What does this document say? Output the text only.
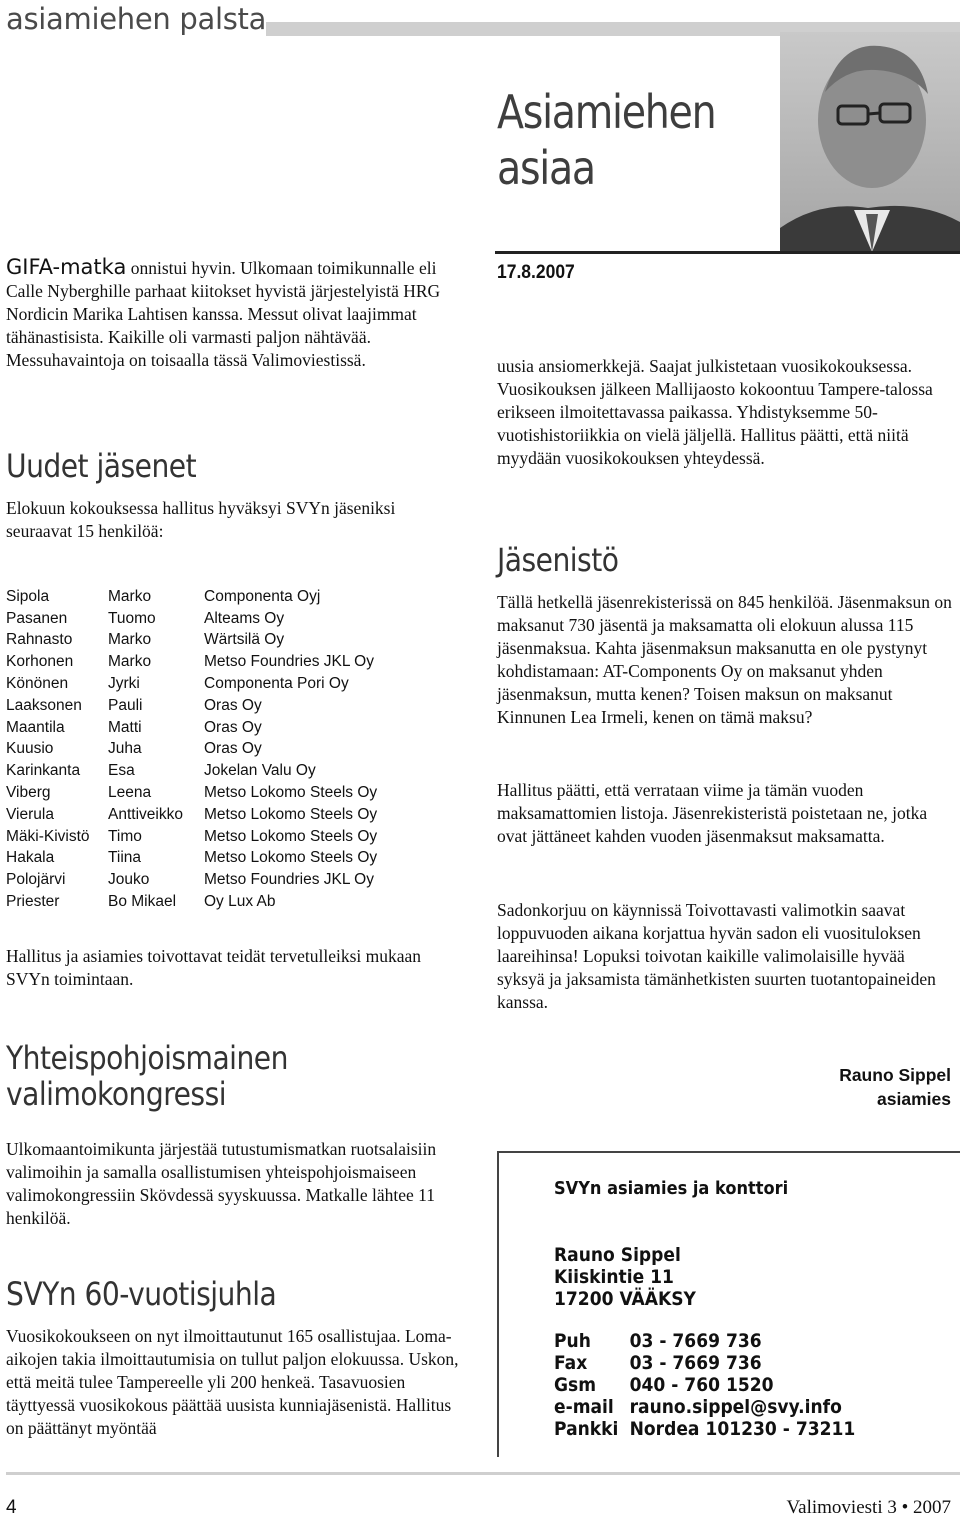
asiamiehen palsta
Asiamiehen
asiaa
17.8.2007

GIFA-matka onnistui hyvin. Ulkomaan toimikunnalle eli Calle Nyberghille parhaat kiitokset hyvistä järjestelyistä HRG Nordicin Marika Lahtisen kanssa. Messut olivat laajimmat tähänastisista. Kaikille oli varmasti paljon nähtävää. Messuhavaintoja on toisaalla tässä Valimoviestissä.	uusia ansiomerkkejä. Saajat julkistetaan vuosikokouksessa. Vuosikouksen jälkeen Mallijaosto kokoontuu Tampere-talossa erikseen ilmoitettavassa paikassa. Yhdistyksemme 50-vuotishistoriikkia on vielä jäljellä. Hallitus päätti, että niitä myydään vuosikokouksen yhteydessä.

Uudet jäsenet

Elokuun kokouksessa hallitus hyväksyi SVYn jäseniksi seuraavat 15 henkilöä:

Sipola	Marko	Componenta Oyj
Pasanen	Tuomo	Alteams Oy
Rahnasto	Marko	Wärtsilä Oy
Korhonen	Marko	Metso Foundries JKL Oy
Könönen	Jyrki	Componenta Pori Oy
Laaksonen	Pauli	Oras Oy
Maantila	Matti	Oras Oy
Kuusio	Juha	Oras Oy
Karinkanta	Esa	Jokelan Valu Oy
Viberg	Leena	Metso Lokomo Steels Oy
Vierula	Anttiveikko	Metso Lokomo Steels Oy
Mäki-Kivistö	Timo	Metso Lokomo Steels Oy
Hakala	Tiina	Metso Lokomo Steels Oy
Polojärvi	Jouko	Metso Foundries JKL Oy
Priester	Bo Mikael	Oy Lux Ab

Hallitus ja asiamies toivottavat teidät tervetulleiksi mukaan SVYn toimintaan.

Yhteispohjoismainen
valimokongressi

Ulkomaantoimikunta järjestää tutustumismatkan ruotsalaisiin valimoihin ja samalla osallistumisen yhteispohjoismaiseen valimokongressiin Skövdessä syyskuussa. Matkalle lähtee 11 henkilöä.

SVYn 60-vuotisjuhla

Vuosikokoukseen on nyt ilmoittautunut 165 osallistujaa. Loma-aikojen takia ilmoittautumisia on tullut paljon elokuussa. Uskon, että meitä tulee Tampereelle yli 200 henkeä. Tasavuosien täyttyessä vuosikokous päättää uusista kunniajäsenistä. Hallitus on päättänyt myöntää

Jäsenistö

Tällä hetkellä jäsenrekisterissä on 845 henkilöä. Jäsenmaksun on maksanut 730 jäsentä ja maksamatta oli elokuun alussa 115 jäsenmaksua. Kahta jäsenmaksun maksanutta en ole pystynyt kohdistamaan: AT-Components Oy on maksanut yhden jäsenmaksun, mutta kenen? Toisen maksun on maksanut Kinnunen Lea Irmeli, kenen on tämä maksu?

Hallitus päätti, että verrataan viime ja tämän vuoden maksamattomien listoja. Jäsenrekisteristä poistetaan ne, jotka ovat jättäneet kahden vuoden jäsenmaksut maksamatta.

Sadonkorjuu on käynnissä Toivottavasti valimotkin saavat loppuvuoden aikana korjattua hyvän sadon eli vuosituloksen laareihinsa! Lopuksi toivotan kaikille valimolaisille hyvää syksyä ja jaksamista tämänhetkisten suurten tuotantopaineiden kanssa.

Rauno Sippel
asiamies
SVYn asiamies ja konttori
Rauno Sippel
Kiiskintie 11
17200 VÄÄKSY
Puh	03 - 7669 736
Fax	03 - 7669 736
Gsm	040 - 760 1520
e-mail	rauno.sippel@svy.info
Pankki	Nordea 101230 - 73211
4	Valimoviesti 3 • 2007
